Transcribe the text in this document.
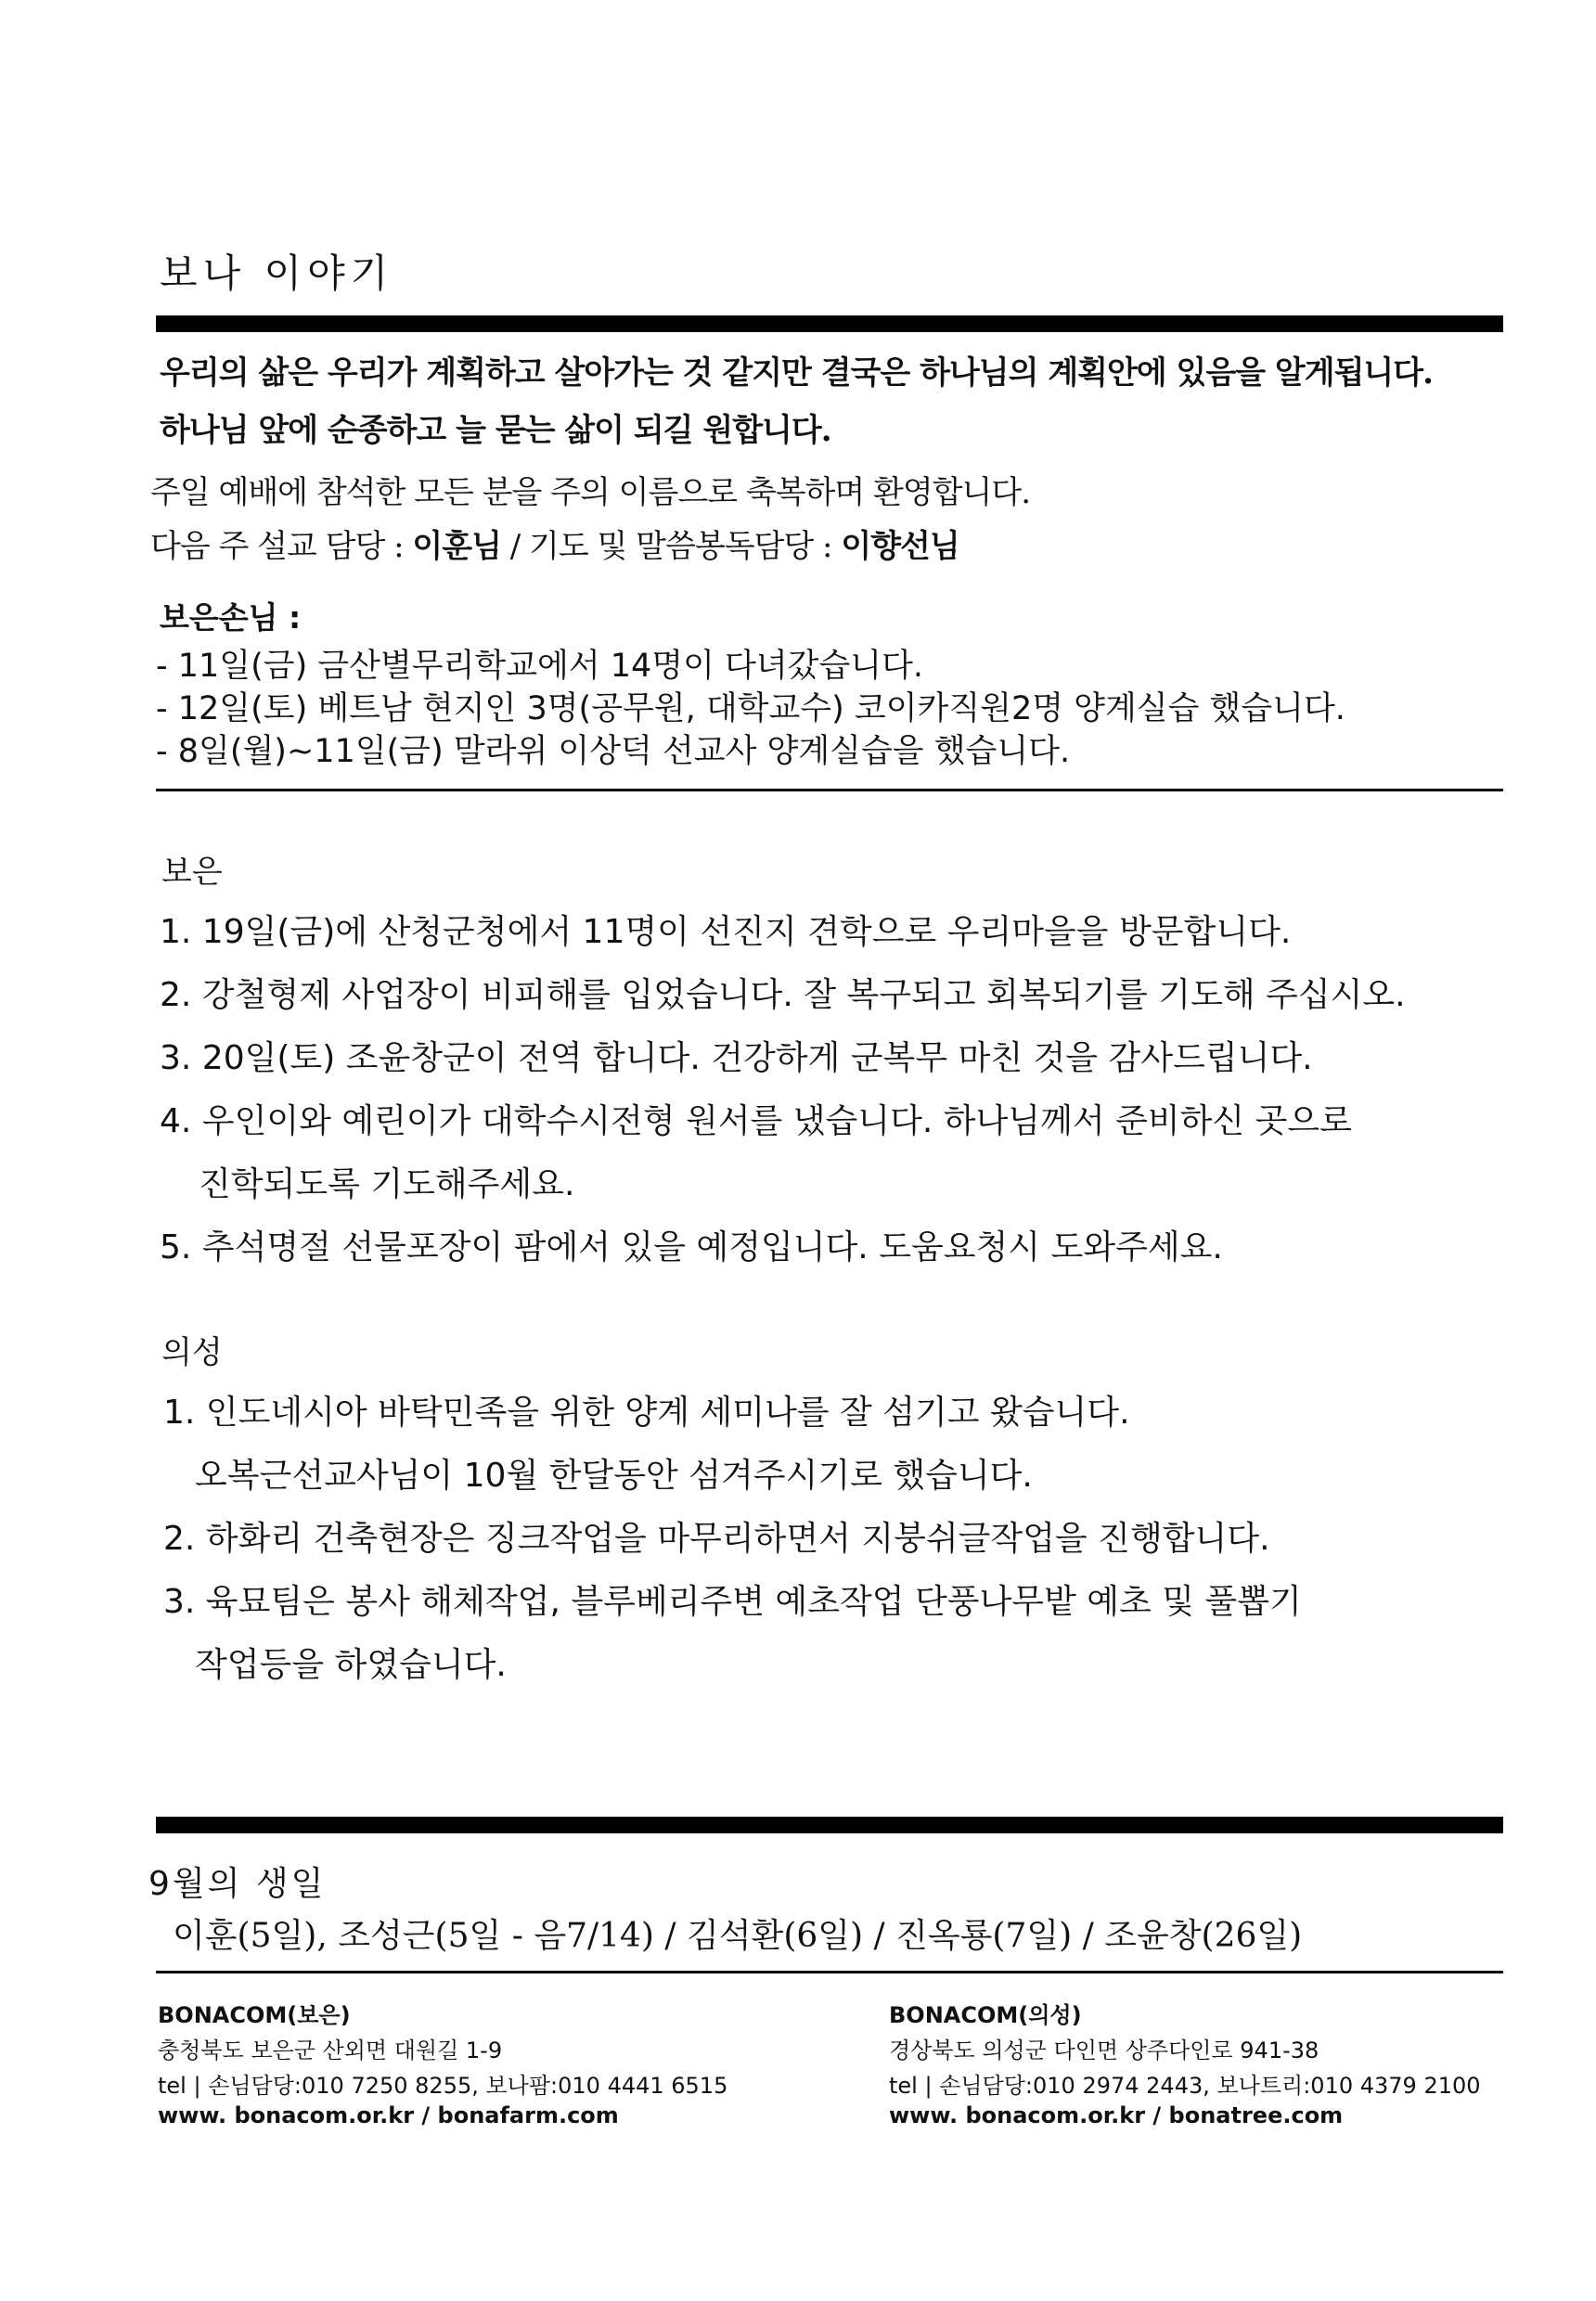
보나 이야기
우리의 삶은 우리가 계획하고 살아가는 것 같지만 결국은 하나님의 계획안에 있음을 알게됩니다.
하나님 앞에 순종하고 늘 묻는 삶이 되길 원합니다.
주일 예배에 참석한 모든 분을 주의 이름으로 축복하며 환영합니다.
다음 주 설교 담당 : 이훈님 / 기도 및 말씀봉독담당 : 이향선님
보은손님 :
- 11일(금) 금산별무리학교에서 14명이 다녀갔습니다.
- 12일(토) 베트남 현지인 3명(공무원, 대학교수) 코이카직원2명 양계실습 했습니다.
- 8일(월)~11일(금) 말라위 이상덕 선교사 양계실습을 했습니다.
보은
1. 19일(금)에 산청군청에서 11명이 선진지 견학으로 우리마을을 방문합니다.
2. 강철형제 사업장이 비피해를 입었습니다. 잘 복구되고 회복되기를 기도해 주십시오.
3. 20일(토) 조윤창군이 전역 합니다. 건강하게 군복무 마친 것을 감사드립니다.
4. 우인이와 예린이가 대학수시전형 원서를 냈습니다. 하나님께서 준비하신 곳으로
진학되도록 기도해주세요.
5. 추석명절 선물포장이 팜에서 있을 예정입니다. 도움요청시 도와주세요.
의성
1. 인도네시아 바탁민족을 위한 양계 세미나를 잘 섬기고 왔습니다.
오복근선교사님이 10월 한달동안 섬겨주시기로 했습니다.
2. 하화리 건축현장은 징크작업을 마무리하면서 지붕쉬글작업을 진행합니다.
3. 육묘팀은 봉사 해체작업, 블루베리주변 예초작업 단풍나무밭 예초 및 풀뽑기
작업등을 하였습니다.
9월의 생일
이훈(5일), 조성근(5일 - 음7/14) / 김석환(6일) / 진옥룡(7일) / 조윤창(26일)
BONACOM(보은)
충청북도 보은군 산외면 대원길 1-9
tel | 손님담당:010 7250 8255, 보나팜:010 4441 6515
www. bonacom.or.kr / bonafarm.com
BONACOM(의성)
경상북도 의성군 다인면 상주다인로 941-38
tel | 손님담당:010 2974 2443, 보나트리:010 4379 2100
www. bonacom.or.kr / bonatree.com
